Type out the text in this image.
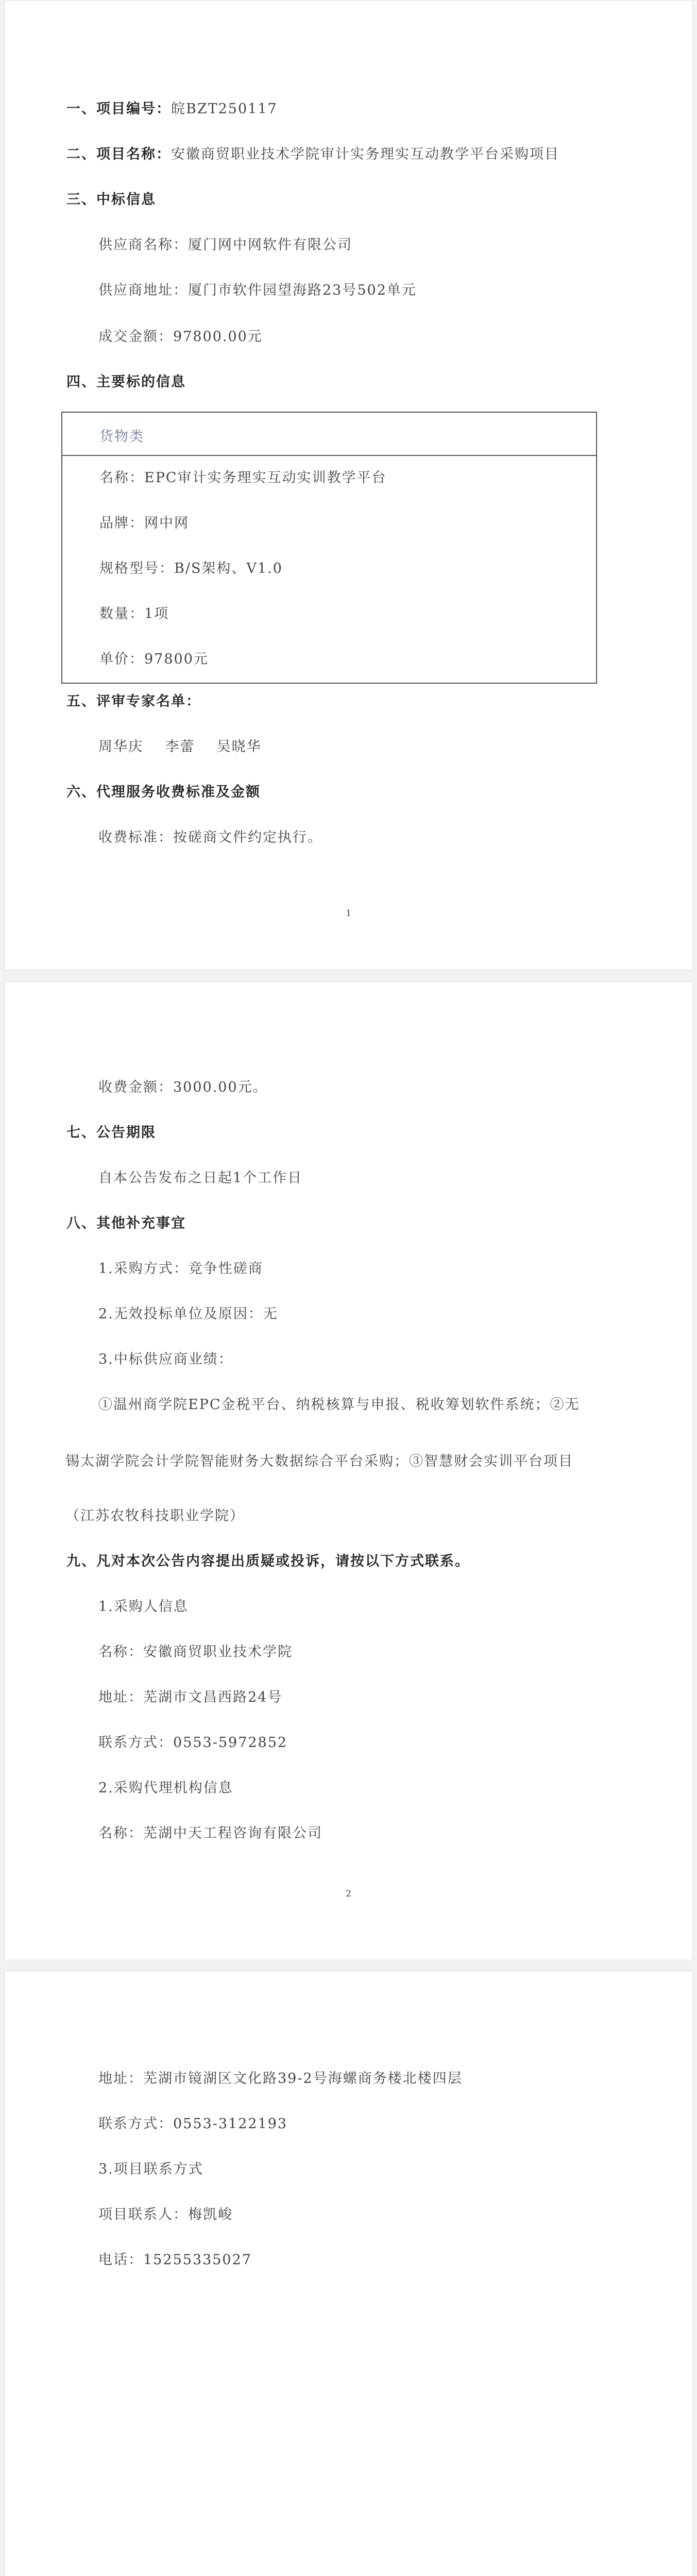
一、项目编号：皖BZT250117
二、项目名称：安徽商贸职业技术学院审计实务理实互动教学平台采购项目
三、中标信息
供应商名称：厦门网中网软件有限公司
供应商地址：厦门市软件园望海路23号502单元
成交金额：97800.00元
四、主要标的信息
货物类
名称：EPC审计实务理实互动实训教学平台
品牌：网中网
规格型号：B/S架构、V1.0
数量：1项
单价：97800元
五、评审专家名单：
周华庆    李蕾    吴晓华
六、代理服务收费标准及金额
收费标准：按磋商文件约定执行。
1
收费金额：3000.00元。
七、公告期限
自本公告发布之日起1个工作日
八、其他补充事宜
1.采购方式：竞争性磋商
2.无效投标单位及原因：无
3.中标供应商业绩：
①温州商学院EPC金税平台、纳税核算与申报、税收筹划软件系统；②无
锡太湖学院会计学院智能财务大数据综合平台采购；③智慧财会实训平台项目
（江苏农牧科技职业学院）
九、凡对本次公告内容提出质疑或投诉，请按以下方式联系。
1.采购人信息
名称：安徽商贸职业技术学院
地址：芜湖市文昌西路24号
联系方式：0553-5972852
2.采购代理机构信息
名称：芜湖中天工程咨询有限公司
2
地址：芜湖市镜湖区文化路39-2号海螺商务楼北楼四层
联系方式：0553-3122193
3.项目联系方式
项目联系人：梅凯峻
电话：15255335027
